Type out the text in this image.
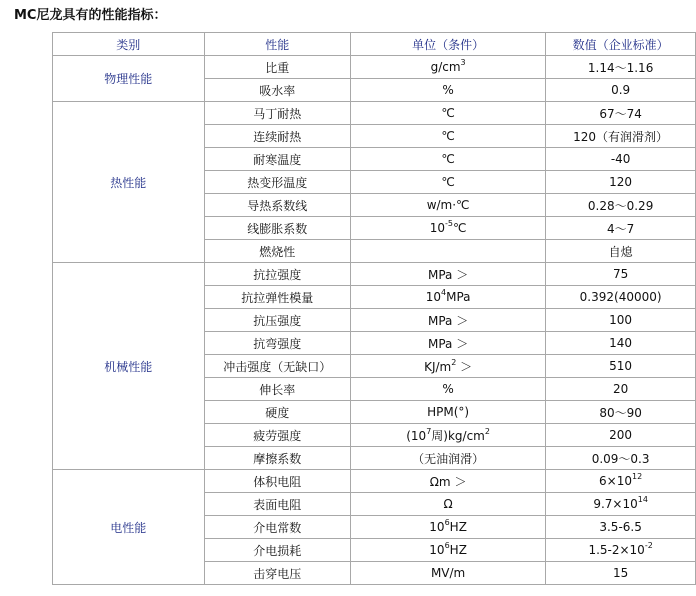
MC尼龙具有的性能指标：
类别	性能	单位（条件）	数值（企业标准）
物理性能	比重	$g/cm^3$	1.14～1.16
	吸水率	%	0.9
热性能	马丁耐热	℃	67～74
	连续耐热	℃	120（有润滑剂）
	耐寒温度	℃	-40
	热变形温度	℃	120
	导热系数线	w/m·℃	0.28～0.29
	线膨胀系数	$10^{-5}℃$	4～7
	燃烧性		自熄
机械性能	抗拉强度	MPa ＞	75
	抗拉弹性模量	$10^4MPa$	0.392(40000)
	抗压强度	MPa ＞	100
	抗弯强度	MPa ＞	140
	冲击强度（无缺口）	$KJ/m^2$ ＞	510
	伸长率	%	20
	硬度	HPM(°)	80～90
	疲劳强度	($10^7$周)$kg/cm^2$	200
	摩擦系数	（无油润滑）	0.09～0.3
电性能	体积电阻	Ωm ＞	$6\times 10^{12}$
	表面电阻	Ω	$9.7\times 10^{14}$
	介电常数	$10^6HZ$	3.5-6.5
	介电损耗	$10^6HZ$	$1.5-2\times 10^{-2}$
	击穿电压	MV/m	15
